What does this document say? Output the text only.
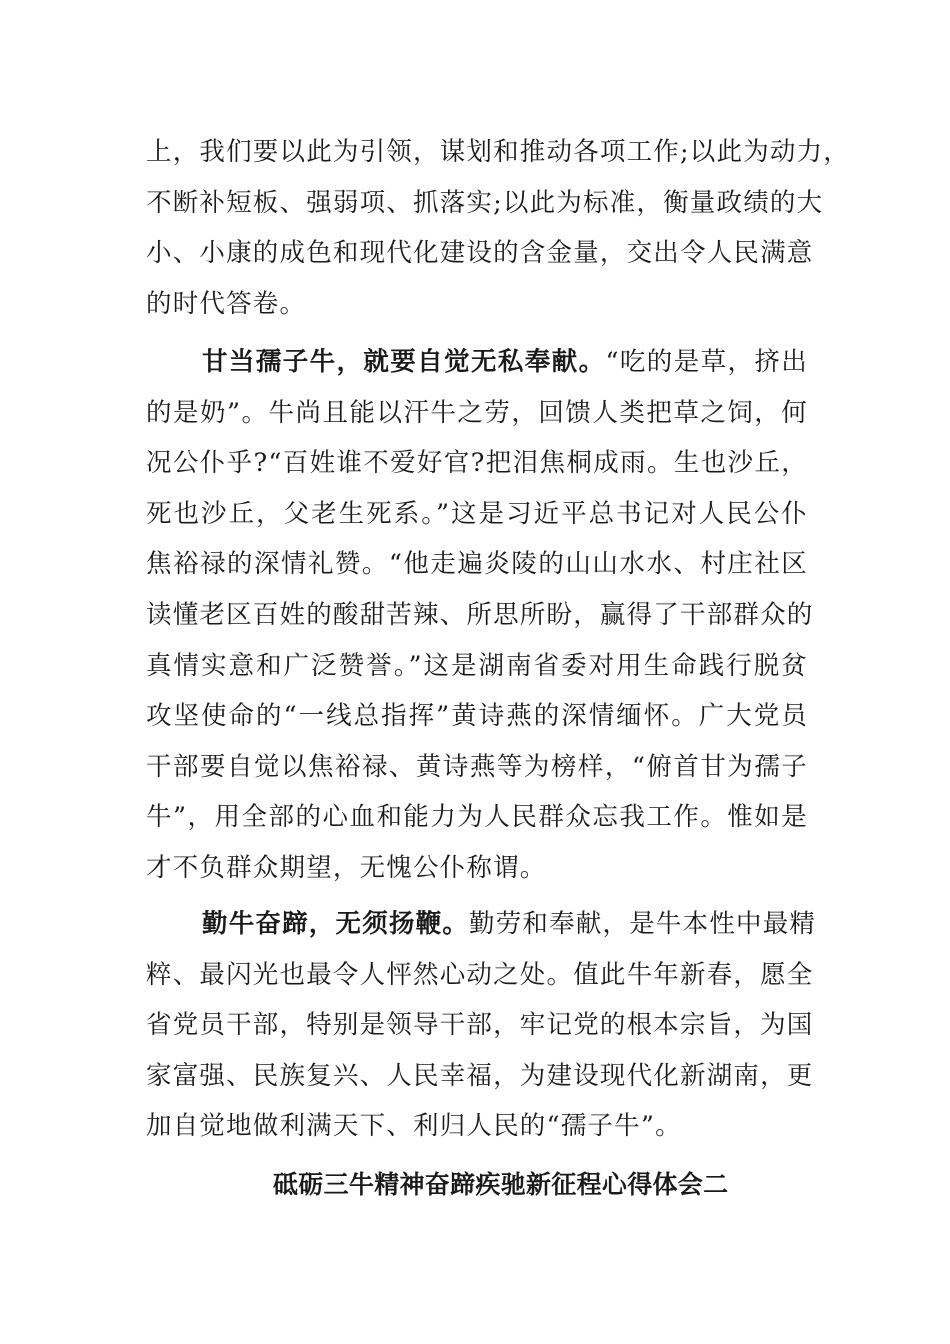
上，我们要以此为引领，谋划和推动各项工作;以此为动力，
不断补短板、强弱项、抓落实;以此为标准，衡量政绩的大
小、小康的成色和现代化建设的含金量，交出令人民满意
的时代答卷。
甘当孺子牛，就要自觉无私奉献。“吃的是草，挤出
的是奶”。牛尚且能以汗牛之劳，回馈人类把草之饲，何
况公仆乎?“百姓谁不爱好官?把泪焦桐成雨。生也沙丘，
死也沙丘，父老生死系。”这是习近平总书记对人民公仆
焦裕禄的深情礼赞。“他走遍炎陵的山山水水、村庄社区
读懂老区百姓的酸甜苦辣、所思所盼，赢得了干部群众的
真情实意和广泛赞誉。”这是湖南省委对用生命践行脱贫
攻坚使命的“一线总指挥”黄诗燕的深情缅怀。广大党员
干部要自觉以焦裕禄、黄诗燕等为榜样，“俯首甘为孺子
牛”，用全部的心血和能力为人民群众忘我工作。惟如是
才不负群众期望，无愧公仆称谓。
勤牛奋蹄，无须扬鞭。勤劳和奉献，是牛本性中最精
粹、最闪光也最令人怦然心动之处。值此牛年新春，愿全
省党员干部，特别是领导干部，牢记党的根本宗旨，为国
家富强、民族复兴、人民幸福，为建设现代化新湖南，更
加自觉地做利满天下、利归人民的“孺子牛”。
砥砺三牛精神奋蹄疾驰新征程心得体会二
